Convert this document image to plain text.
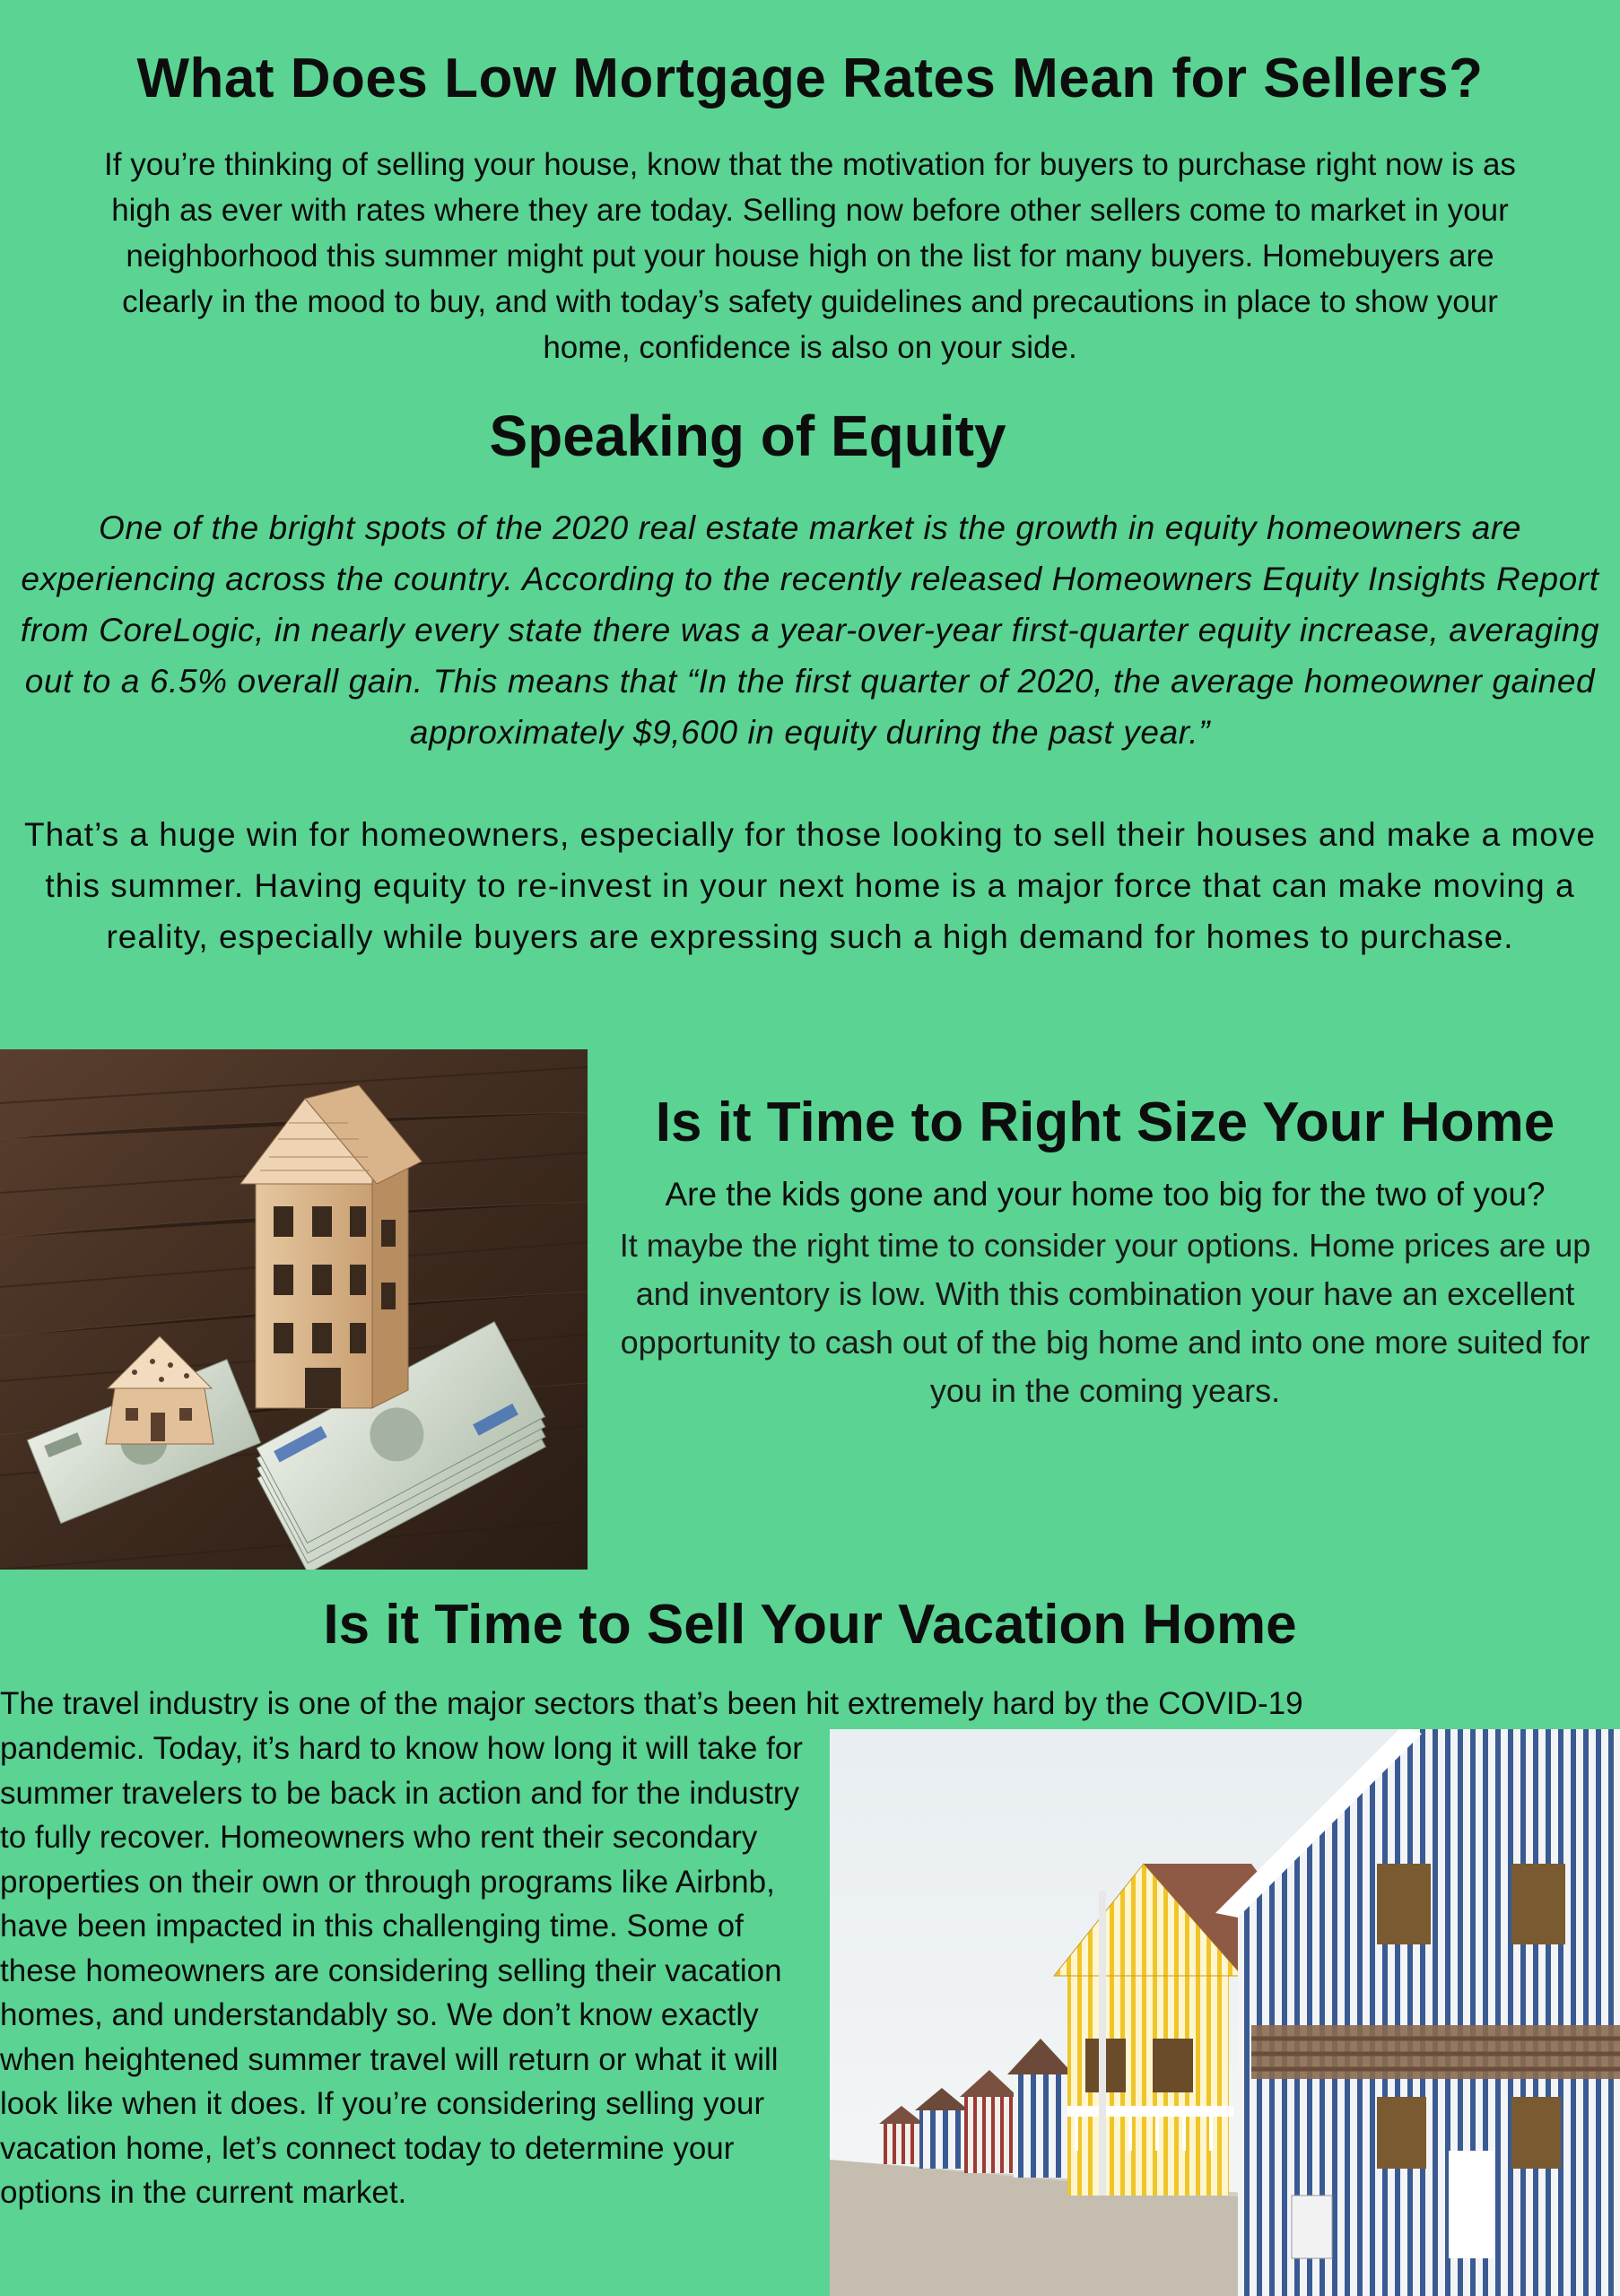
What Does Low Mortgage Rates Mean for Sellers?
If you’re thinking of selling your house, know that the motivation for buyers to purchase right now is as high as ever with rates where they are today. Selling now before other sellers come to market in your neighborhood this summer might put your house high on the list for many buyers. Homebuyers are clearly in the mood to buy, and with today’s safety guidelines and precautions in place to show your home, confidence is also on your side.
Speaking of Equity
One of the bright spots of the 2020 real estate market is the growth in equity homeowners are experiencing across the country. According to the recently released Homeowners Equity Insights Report from CoreLogic, in nearly every state there was a year-over-year first-quarter equity increase, averaging out to a 6.5% overall gain. This means that “In the first quarter of 2020, the average homeowner gained approximately $9,600 in equity during the past year.”
That’s a huge win for homeowners, especially for those looking to sell their houses and make a move this summer. Having equity to re-invest in your next home is a major force that can make moving a reality, especially while buyers are expressing such a high demand for homes to purchase.
Is it Time to Right Size Your Home
Are the kids gone and your home too big for the two of you?
It maybe the right time to consider your options. Home prices are up and inventory is low. With this combination your have an excellent opportunity to cash out of the big home and into one more suited for you in the coming years.
Is it Time to Sell Your Vacation Home
The travel industry is one of the major sectors that’s been hit extremely hard by the COVID-19
pandemic. Today, it’s hard to know how long it will take for summer travelers to be back in action and for the industry to fully recover. Homeowners who rent their secondary properties on their own or through programs like Airbnb, have been impacted in this challenging time. Some of these homeowners are considering selling their vacation homes, and understandably so. We don’t know exactly when heightened summer travel will return or what it will look like when it does. If you’re considering selling your vacation home, let’s connect today to determine your options in the current market.
